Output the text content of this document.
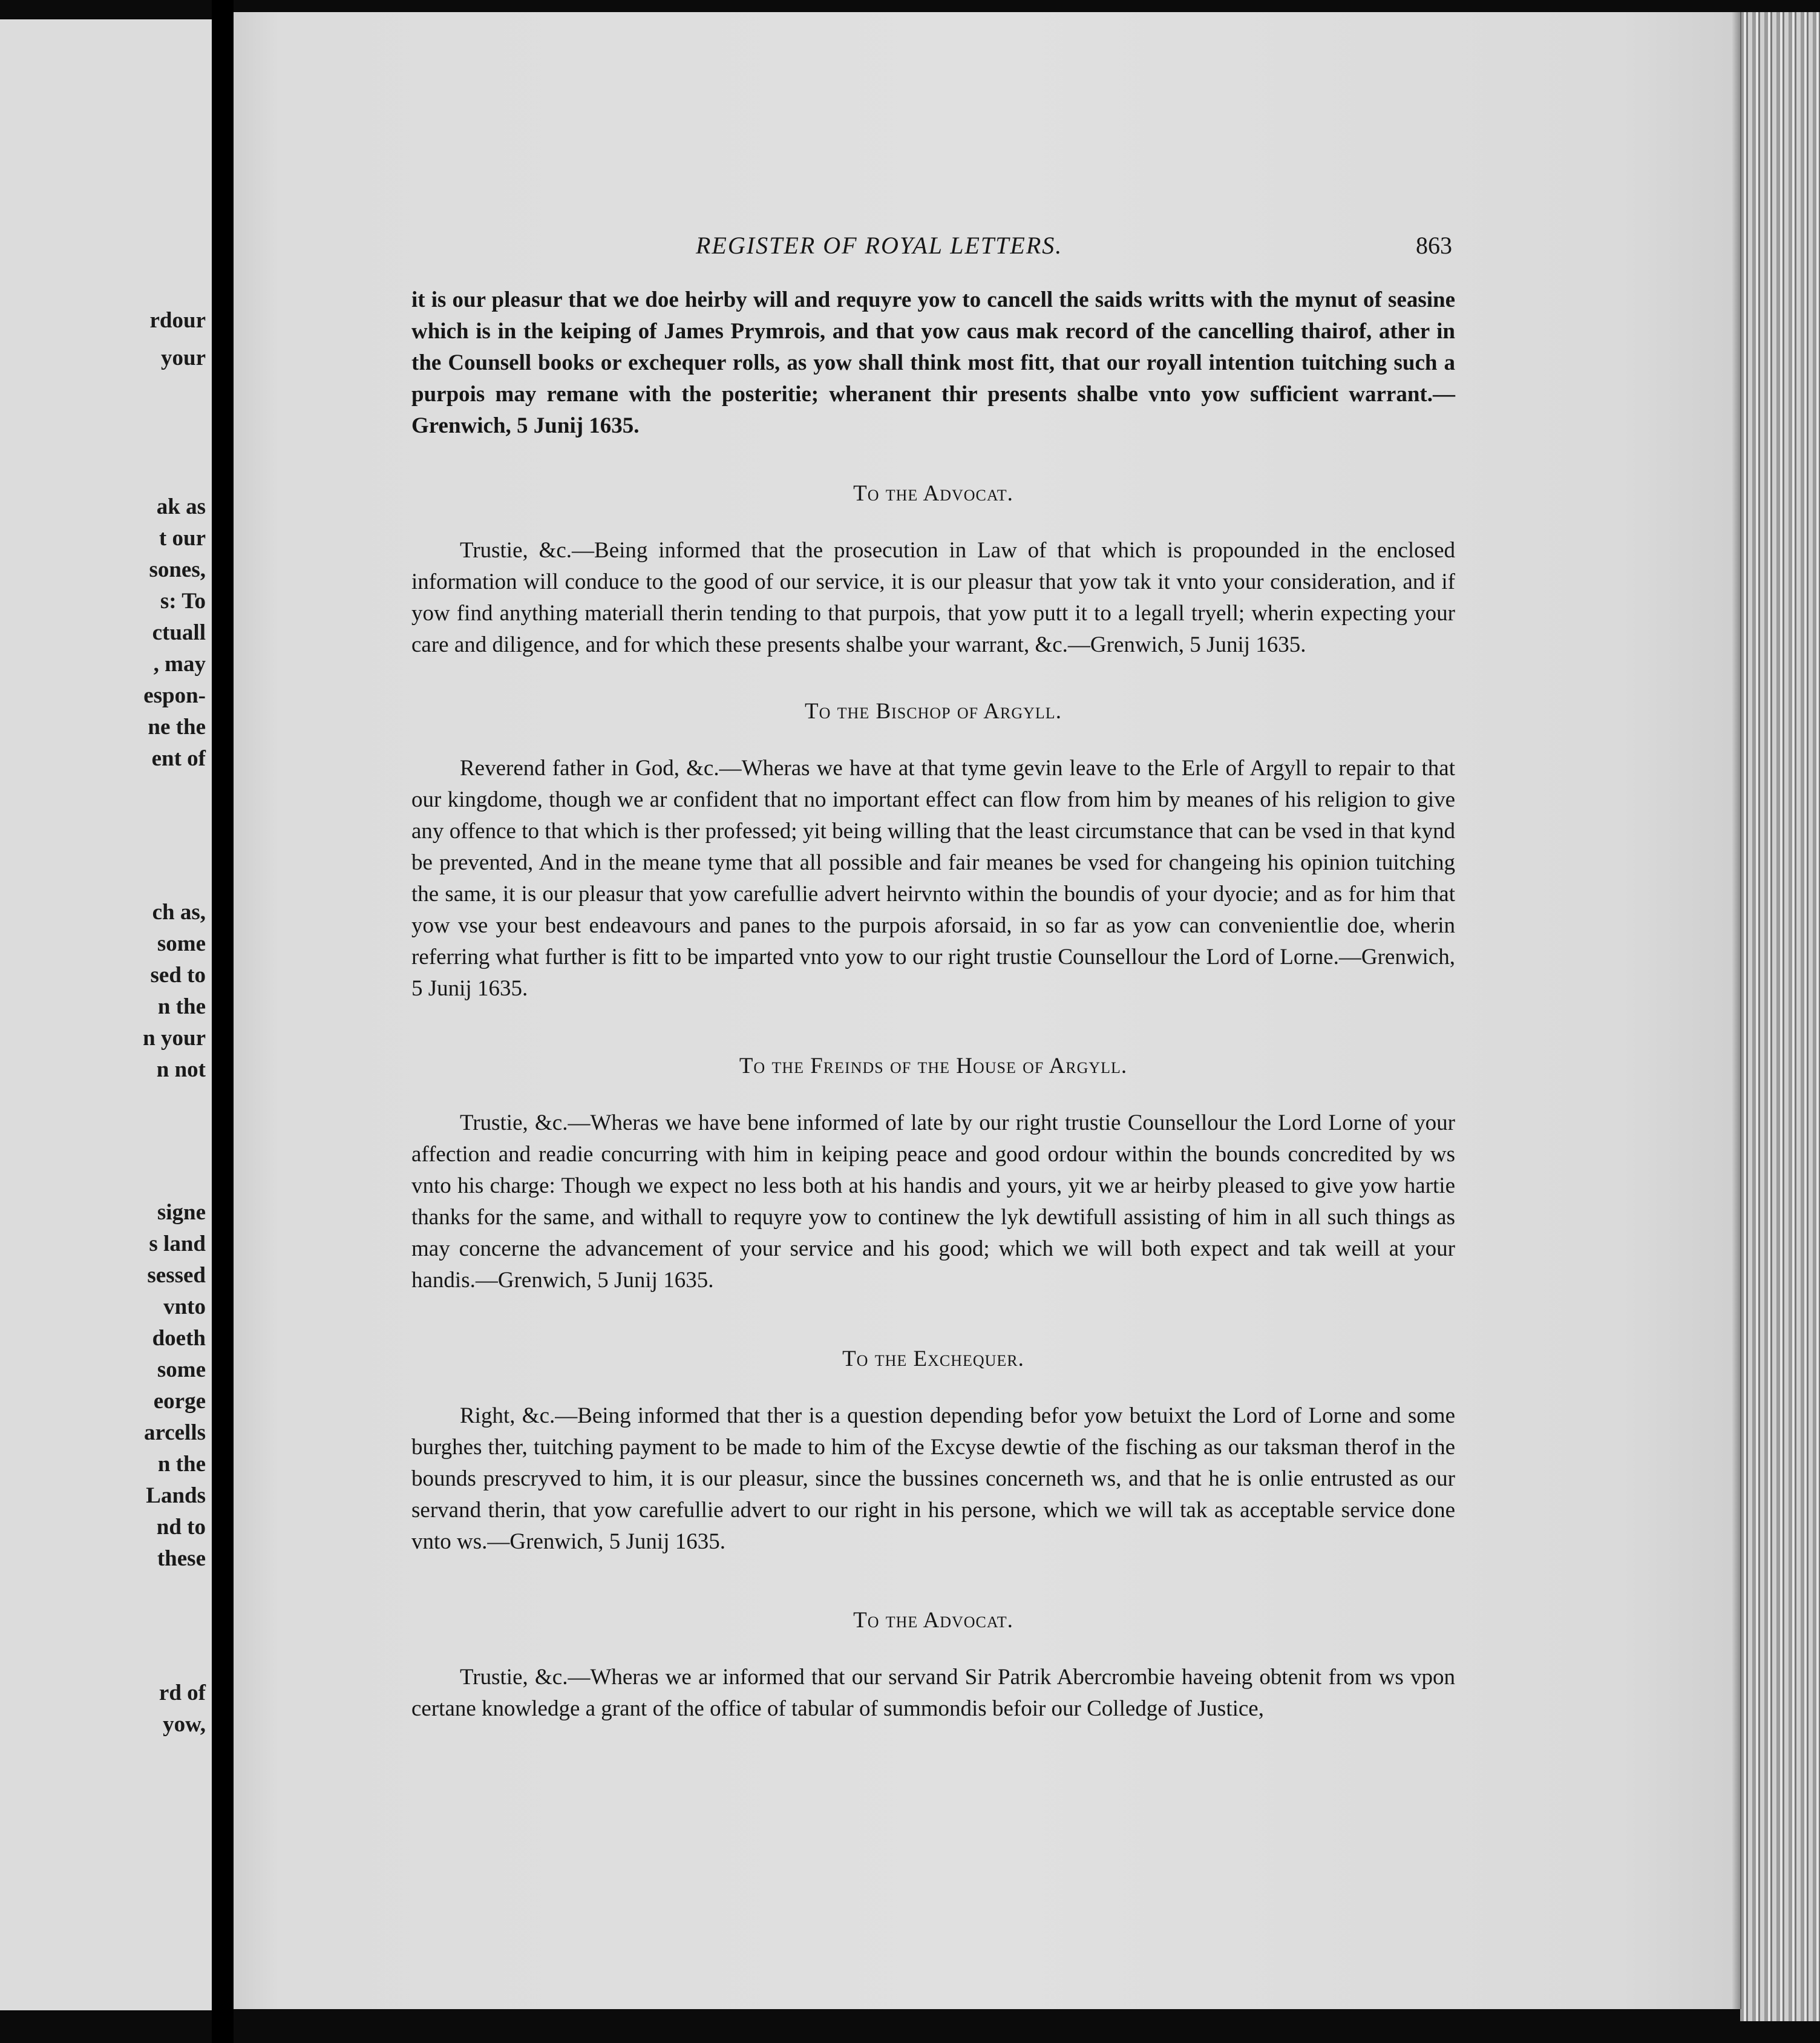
rdour
your
ak as
t our
sones,
s: To
ctuall
, may
espon-
ne the
ent of
ch as,
some
sed to
n the
n your
n not
signe
s land
sessed
vnto
doeth
some
eorge
arcells
n the
Lands
nd to
these
rd of
yow,
REGISTER OF ROYAL LETTERS.	863

it is our pleasur that we doe heirby will and requyre yow to cancell the saids writts with the mynut of seasine which is in the keiping of James Prymrois, and that yow caus mak record of the cancelling thairof, ather in the Counsell books or exchequer rolls, as yow shall think most fitt, that our royall intention tuitching such a purpois may remane with the posteritie; wheranent thir presents shalbe vnto yow sufficient warrant.—Grenwich, 5 Junij 1635.

To the Advocat.

Trustie, &c.—Being informed that the prosecution in Law of that which is propounded in the enclosed information will conduce to the good of our service, it is our pleasur that yow tak it vnto your consideration, and if yow find anything materiall therin tending to that purpois, that yow putt it to a legall tryell; wherin expecting your care and diligence, and for which these presents shalbe your warrant, &c.—Grenwich, 5 Junij 1635.

To the Bischop of Argyll.

Reverend father in God, &c.—Wheras we have at that tyme gevin leave to the Erle of Argyll to repair to that our kingdome, though we ar confident that no important effect can flow from him by meanes of his religion to give any offence to that which is ther professed; yit being willing that the least circumstance that can be vsed in that kynd be prevented, And in the meane tyme that all possible and fair meanes be vsed for changeing his opinion tuitching the same, it is our pleasur that yow carefullie advert heirvnto within the boundis of your dyocie; and as for him that yow vse your best endeavours and panes to the purpois aforsaid, in so far as yow can convenientlie doe, wherin referring what further is fitt to be imparted vnto yow to our right trustie Counsellour the Lord of Lorne.—Grenwich, 5 Junij 1635.

To the Freinds of the House of Argyll.

Trustie, &c.—Wheras we have bene informed of late by our right trustie Counsellour the Lord Lorne of your affection and readie concurring with him in keiping peace and good ordour within the bounds concredited by ws vnto his charge: Though we expect no less both at his handis and yours, yit we ar heirby pleased to give yow hartie thanks for the same, and withall to requyre yow to continew the lyk dewtifull assisting of him in all such things as may concerne the advancement of your service and his good; which we will both expect and tak weill at your handis.—Grenwich, 5 Junij 1635.

To the Exchequer.

Right, &c.—Being informed that ther is a question depending befor yow betuixt the Lord of Lorne and some burghes ther, tuitching payment to be made to him of the Excyse dewtie of the fisching as our taksman therof in the bounds prescryved to him, it is our pleasur, since the bussines concerneth ws, and that he is onlie entrusted as our servand therin, that yow carefullie advert to our right in his persone, which we will tak as acceptable service done vnto ws.—Grenwich, 5 Junij 1635.

To the Advocat.

Trustie, &c.—Wheras we ar informed that our servand Sir Patrik Abercrombie haveing obtenit from ws vpon certane knowledge a grant of the office of tabular of summondis befoir our Colledge of Justice,
